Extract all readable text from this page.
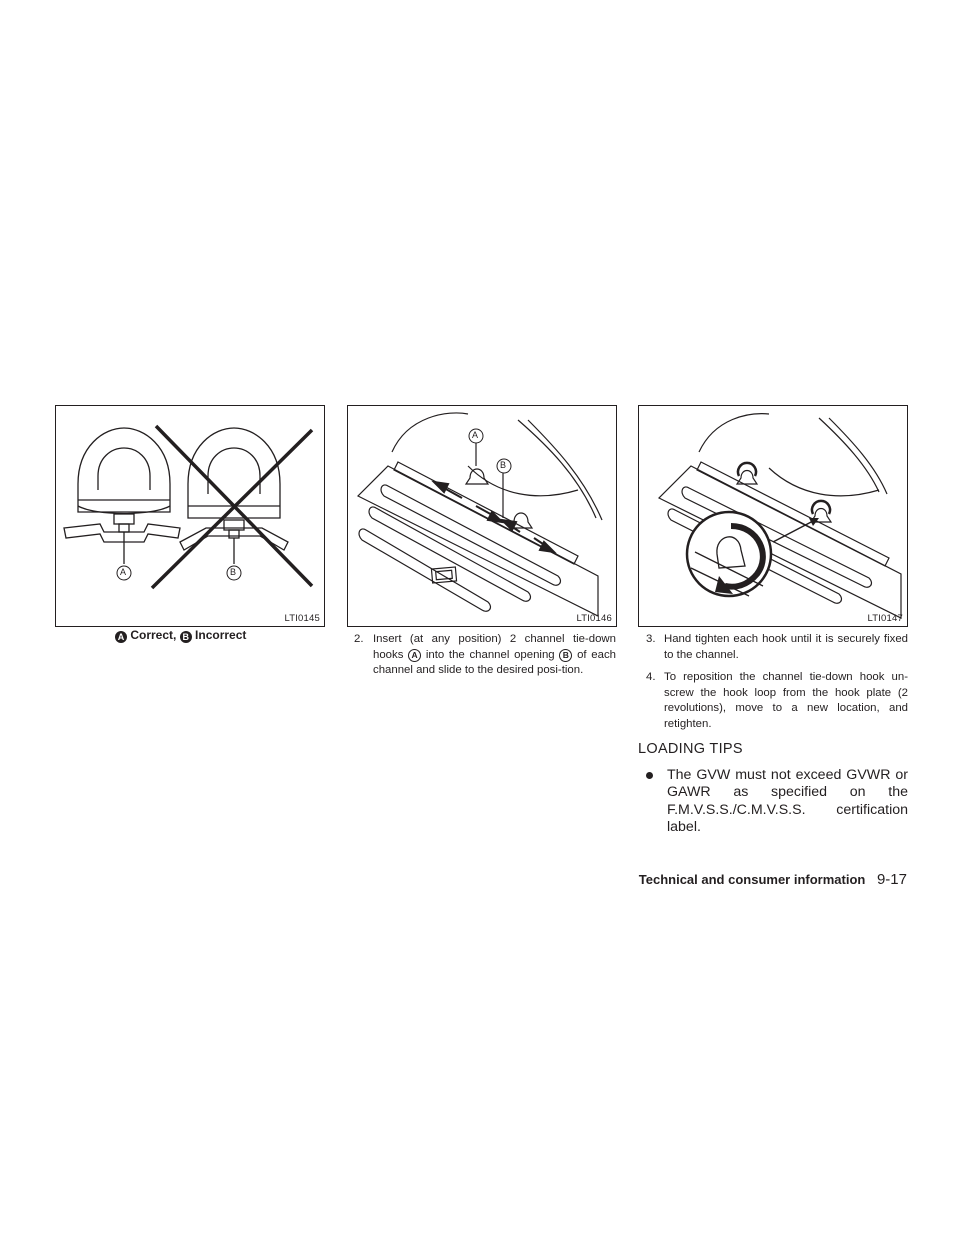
A	B
LTI0145
A Correct, B Incorrect
A
B
LTI0146
2. Insert (at any position) 2 channel tie-down hooks A into the channel opening B of each channel and slide to the desired posi-tion.
LTI0147
3. Hand tighten each hook until it is securely fixed to the channel.
4. To reposition the channel tie-down hook un-screw the hook loop from the hook plate (2 revolutions), move to a new location, and retighten.
LOADING TIPS
The GVW must not exceed GVWR or GAWR as specified on the F.M.V.S.S./C.M.V.S.S. certification label.
Technical and consumer information 9-17
